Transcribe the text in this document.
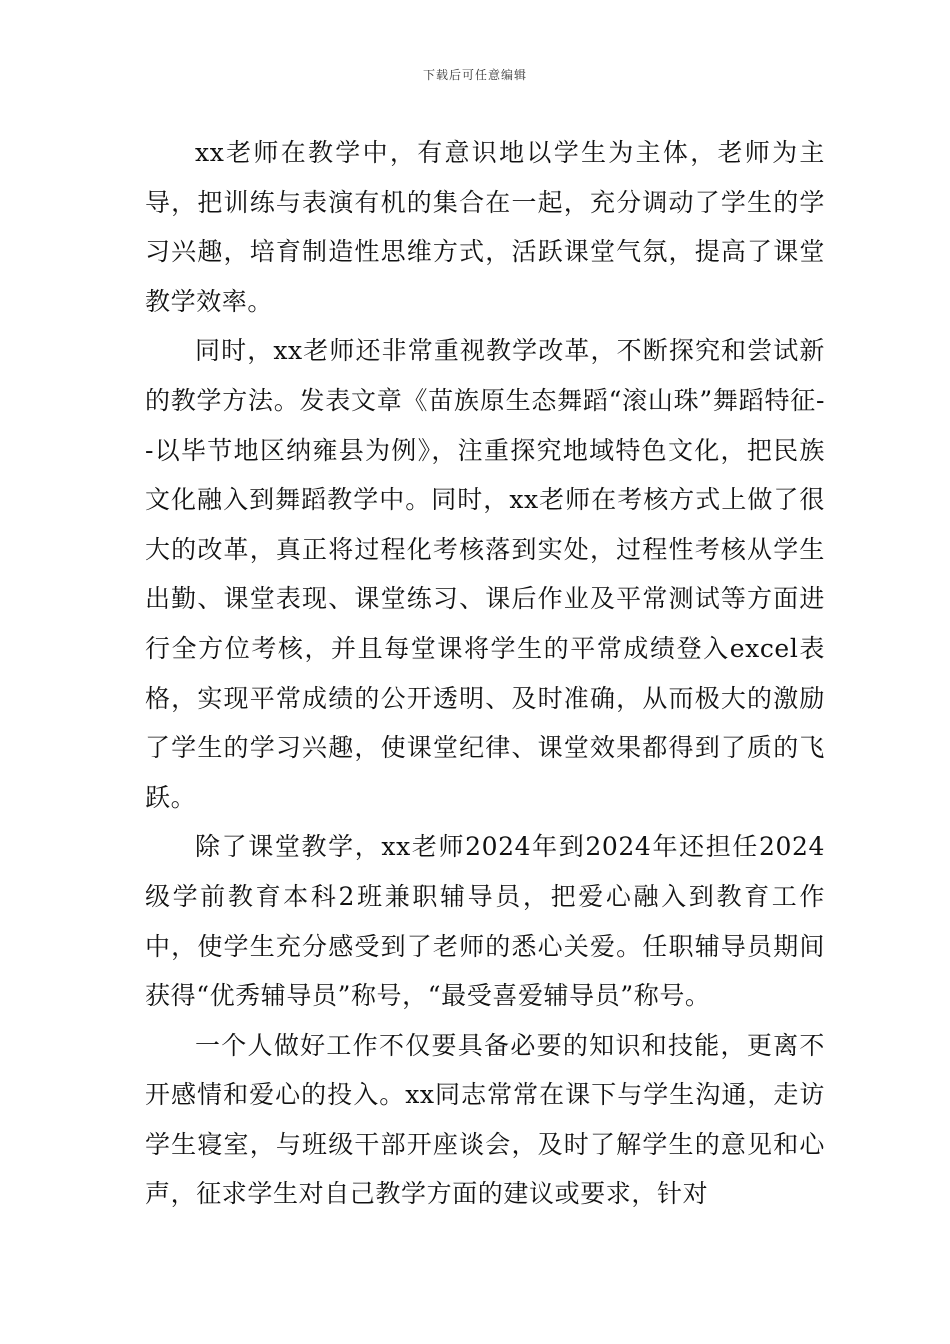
下载后可任意编辑

xx老师在教学中，有意识地以学生为主体，老师为主导，把训练与表演有机的集合在一起，充分调动了学生的学习兴趣，培育制造性思维方式，活跃课堂气氛，提高了课堂教学效率。

同时，xx老师还非常重视教学改革，不断探究和尝试新的教学方法。发表文章《苗族原生态舞蹈“滚山珠”舞蹈特征--以毕节地区纳雍县为例》，注重探究地域特色文化，把民族文化融入到舞蹈教学中。同时，xx老师在考核方式上做了很大的改革，真正将过程化考核落到实处，过程性考核从学生出勤、课堂表现、课堂练习、课后作业及平常测试等方面进行全方位考核，并且每堂课将学生的平常成绩登入excel表格，实现平常成绩的公开透明、及时准确，从而极大的激励了学生的学习兴趣，使课堂纪律、课堂效果都得到了质的飞跃。

除了课堂教学，xx老师2024年到2024年还担任2024级学前教育本科2班兼职辅导员，把爱心融入到教育工作中，使学生充分感受到了老师的悉心关爱。任职辅导员期间获得“优秀辅导员”称号，“最受喜爱辅导员”称号。

一个人做好工作不仅要具备必要的知识和技能，更离不开感情和爱心的投入。xx同志常常在课下与学生沟通，走访学生寝室，与班级干部开座谈会，及时了解学生的意见和心声，征求学生对自己教学方面的建议或要求，针对
